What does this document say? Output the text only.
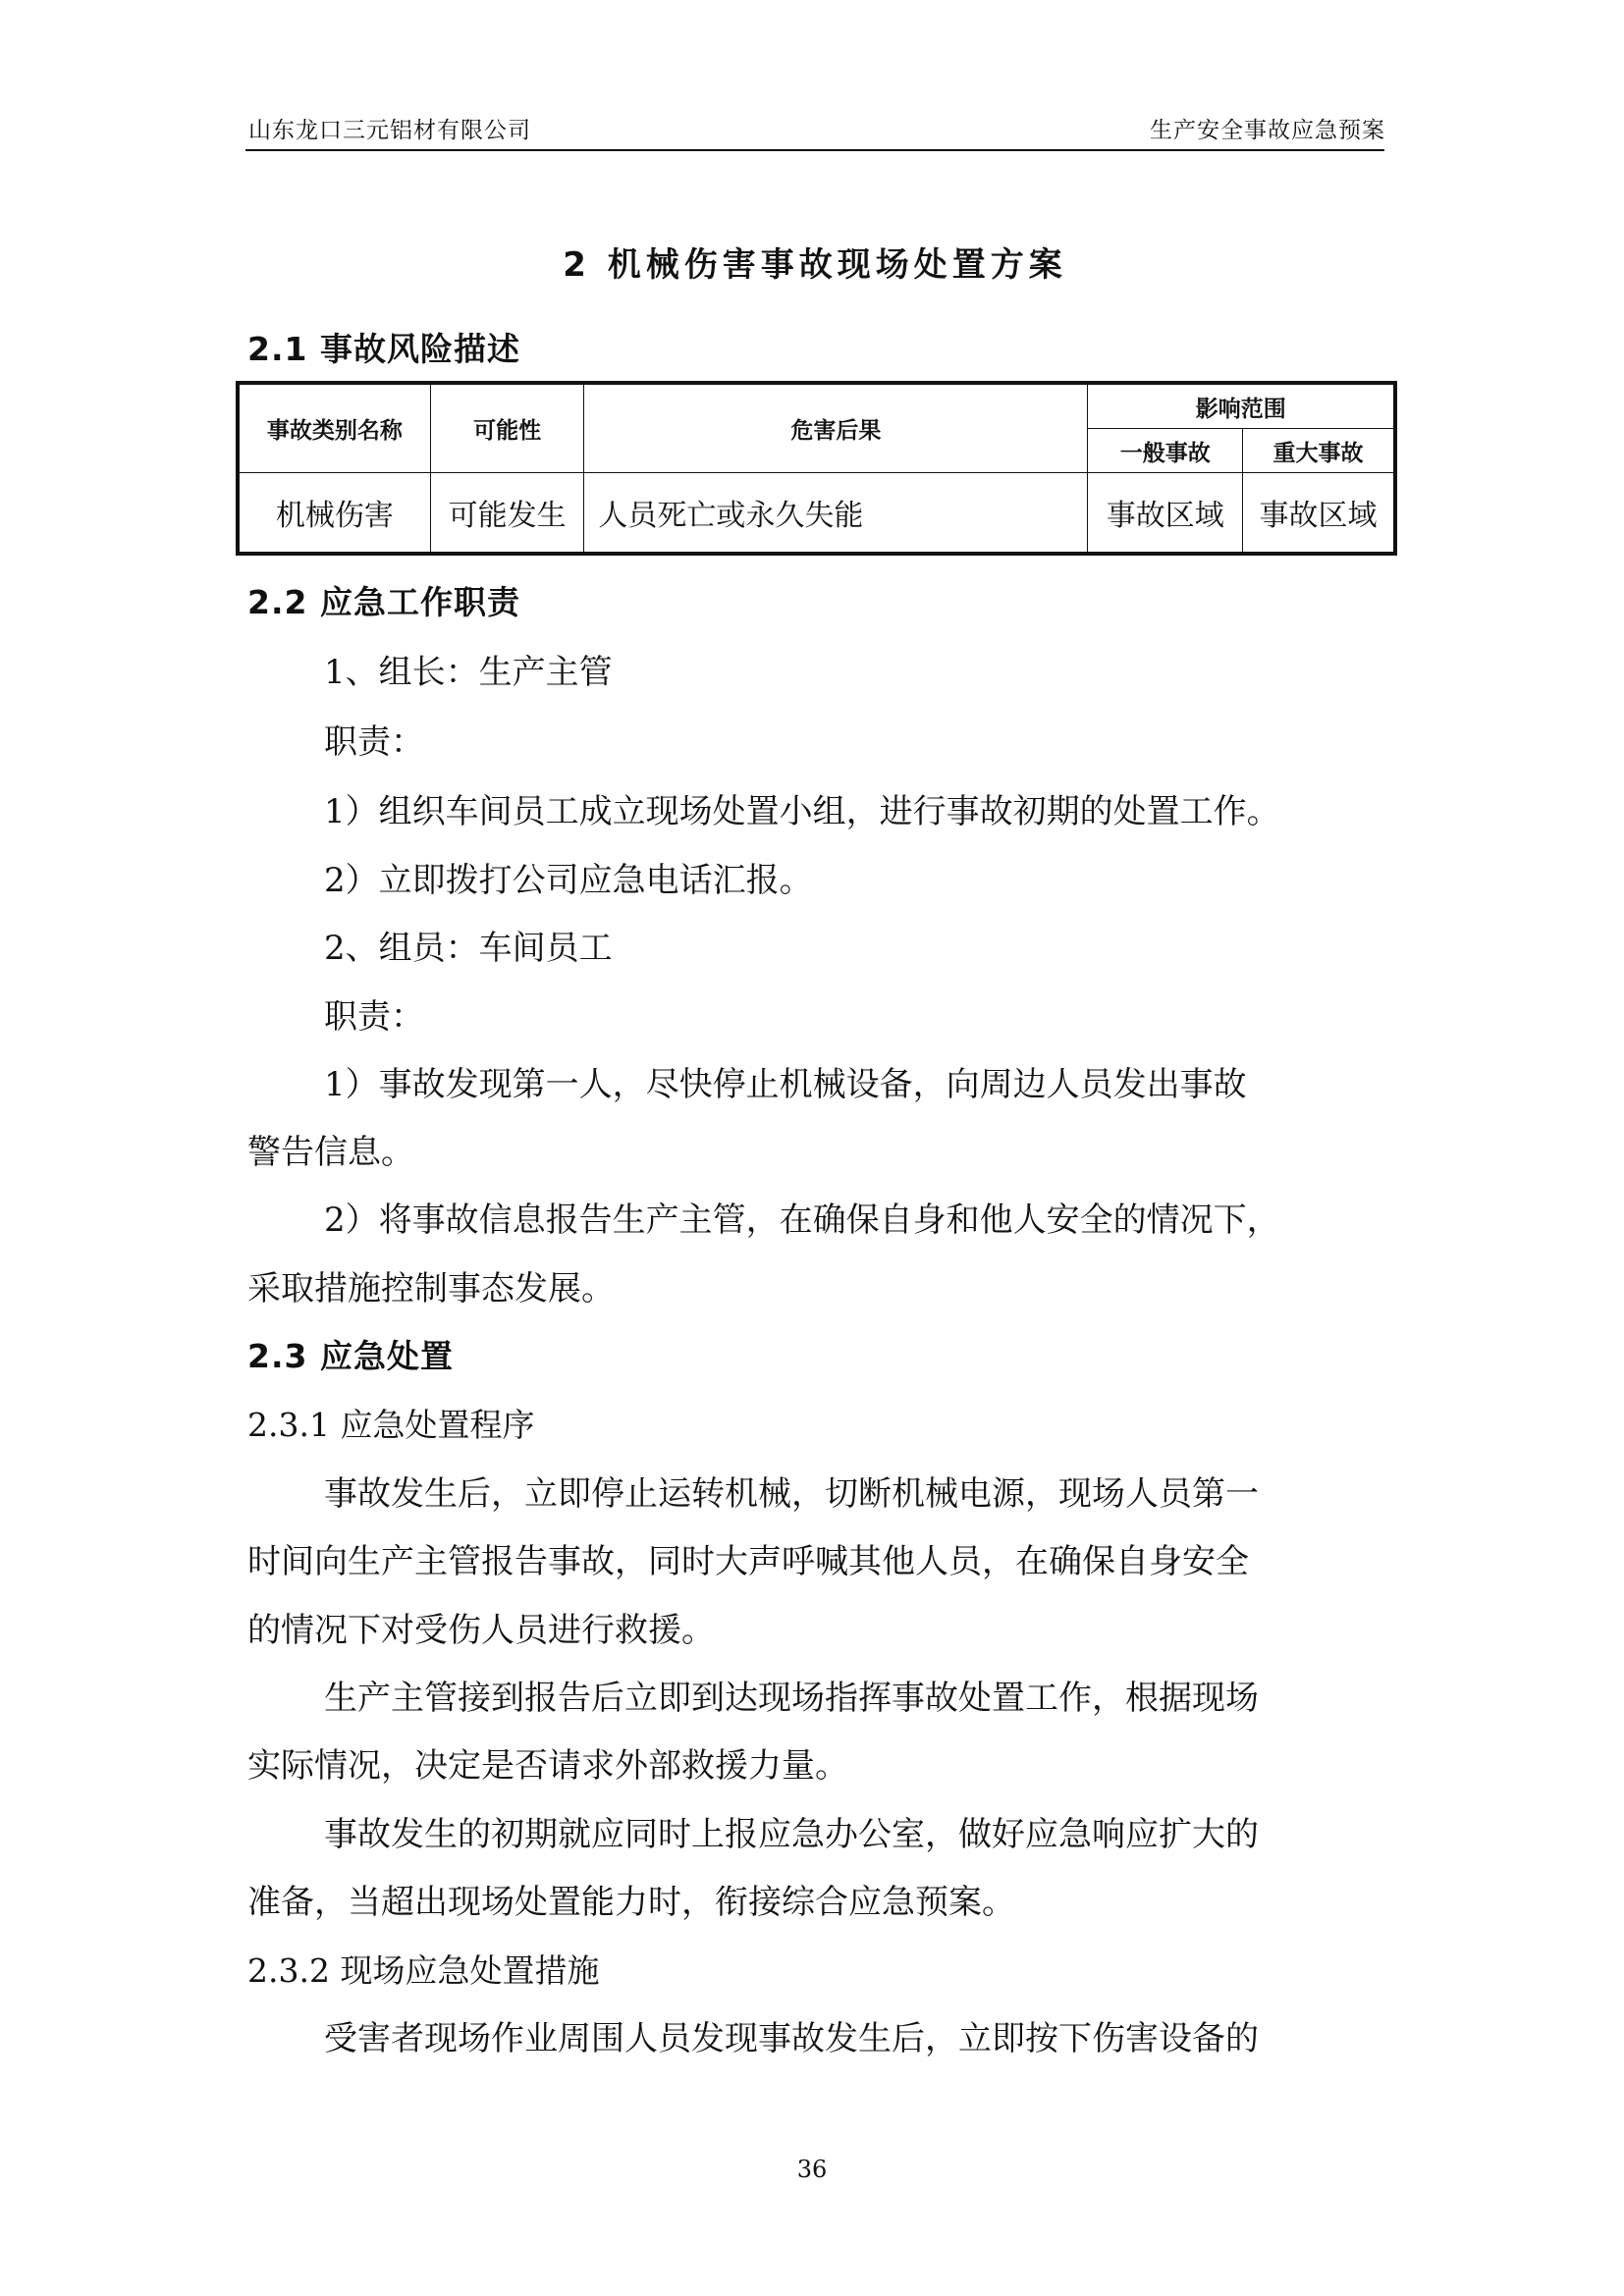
山东龙口三元铝材有限公司	生产安全事故应急预案
2 机械伤害事故现场处置方案
2.1 事故风险描述
事故类别名称	可能性	危害后果	影响范围	
			一般事故	重大事故
机械伤害	可能发生	人员死亡或永久失能	事故区域	事故区域
2.2 应急工作职责
1、组长：生产主管
职责：
1）组织车间员工成立现场处置小组，进行事故初期的处置工作。
2）立即拨打公司应急电话汇报。
2、组员：车间员工
职责：
1）事故发现第一人，尽快停止机械设备，向周边人员发出事故
警告信息。
2）将事故信息报告生产主管，在确保自身和他人安全的情况下，
采取措施控制事态发展。
2.3 应急处置
2.3.1 应急处置程序
事故发生后，立即停止运转机械，切断机械电源，现场人员第一
时间向生产主管报告事故，同时大声呼喊其他人员，在确保自身安全
的情况下对受伤人员进行救援。
生产主管接到报告后立即到达现场指挥事故处置工作，根据现场
实际情况，决定是否请求外部救援力量。
事故发生的初期就应同时上报应急办公室，做好应急响应扩大的
准备，当超出现场处置能力时，衔接综合应急预案。
2.3.2 现场应急处置措施
受害者现场作业周围人员发现事故发生后，立即按下伤害设备的
36
